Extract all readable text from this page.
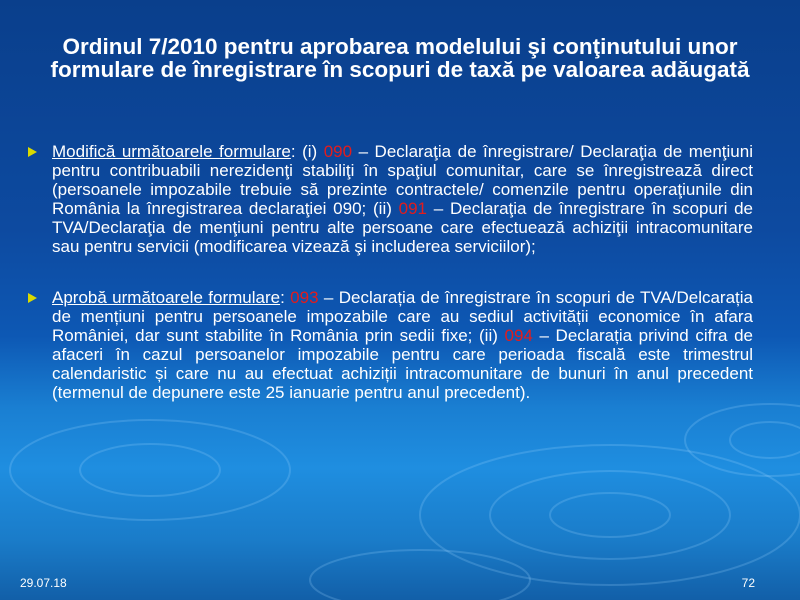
Ordinul 7/2010 pentru aprobarea modelului şi conţinutului unor formulare de înregistrare în scopuri de taxă pe valoarea adăugată
Modifică următoarele formulare: (i) 090 – Declaraţia de înregistrare/ Declaraţia de menţiuni pentru contribuabili nerezidenţi stabiliţi în spaţiul comunitar, care se înregistrează direct (persoanele impozabile trebuie să prezinte contractele/ comenzile pentru operaţiunile din România la înregistrarea declaraţiei 090; (ii) 091 – Declaraţia de înregistrare în scopuri de TVA/Declaraţia de menţiuni pentru alte persoane care efectuează achiziţii intracomunitare sau pentru servicii (modificarea vizează şi includerea serviciilor);
Aprobă următoarele formulare: 093 – Declarația de înregistrare în scopuri de TVA/Delcarația de mențiuni pentru persoanele impozabile care au sediul activității economice în afara României, dar sunt stabilite în România prin sedii fixe; (ii) 094 – Declarația privind cifra de afaceri în cazul persoanelor impozabile pentru care perioada fiscală este trimestrul calendaristic și care nu au efectuat achiziții intracomunitare de bunuri în anul precedent (termenul de depunere este 25 ianuarie pentru anul precedent).
29.07.18	72
